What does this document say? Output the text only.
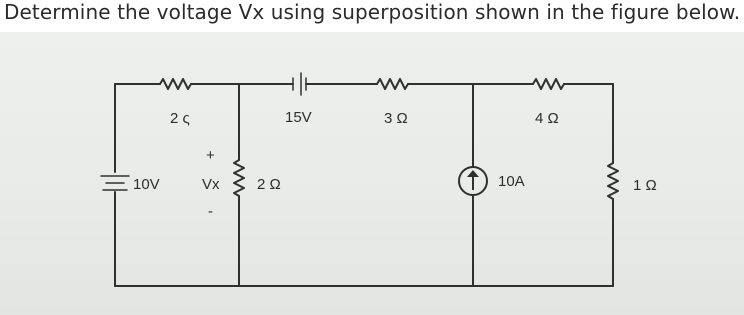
Determine the voltage Vx using superposition shown in the figure below.
2 ς	15V	3 Ω	4 Ω
10V
+
Vx
-
2 Ω	10A	1 Ω
